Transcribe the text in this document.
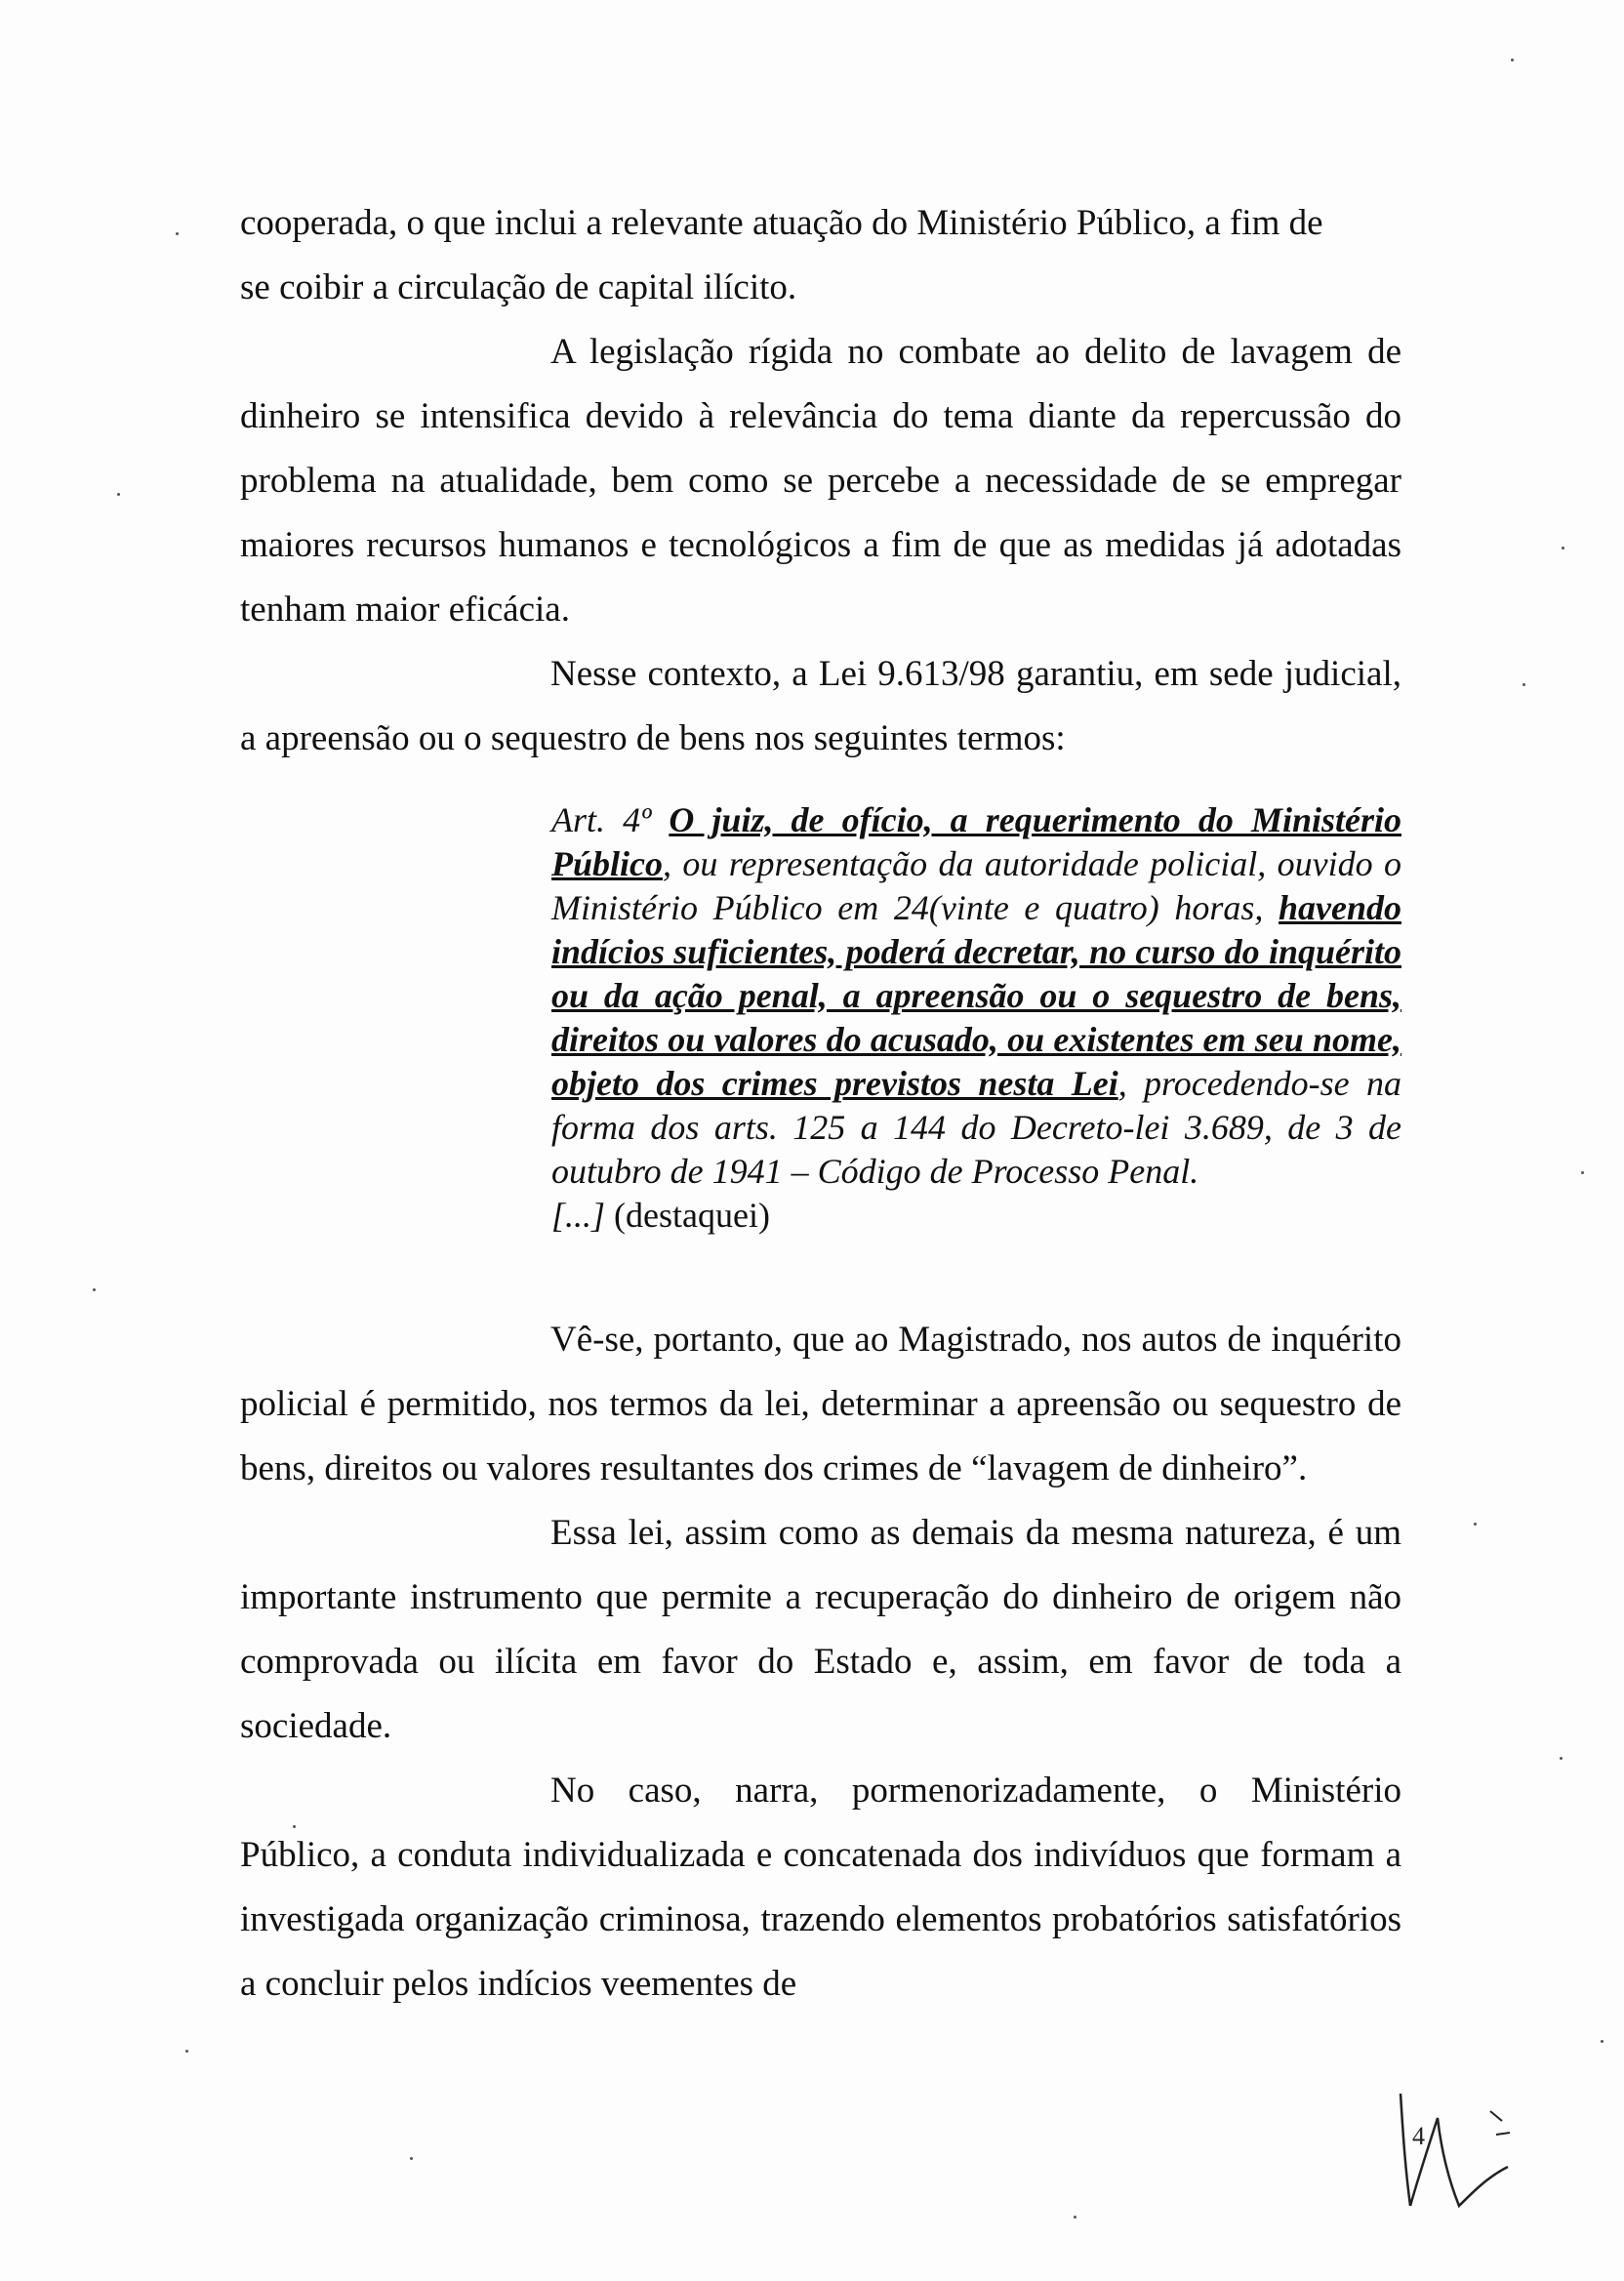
cooperada, o que inclui a relevante atuação do Ministério Público, a fim de
se coibir a circulação de capital ilícito.

A legislação rígida no combate ao delito de lavagem de dinheiro se intensifica devido à relevância do tema diante da repercussão do problema na atualidade, bem como se percebe a necessidade de se empregar maiores recursos humanos e tecnológicos a fim de que as medidas já adotadas tenham maior eficácia.

Nesse contexto, a Lei 9.613/98 garantiu, em sede judicial, a apreensão ou o sequestro de bens nos seguintes termos:

Art. 4º O juiz, de ofício, a requerimento do Ministério Público, ou representação da autoridade policial, ouvido o Ministério Público em 24(vinte e quatro) horas, havendo indícios suficientes, poderá decretar, no curso do inquérito ou da ação penal, a apreensão ou o sequestro de bens, direitos ou valores do acusado, ou existentes em seu nome, objeto dos crimes previstos nesta Lei, procedendo-se na forma dos arts. 125 a 144 do Decreto-lei 3.689, de 3 de outubro de 1941 – Código de Processo Penal.
[...] (destaquei)

Vê-se, portanto, que ao Magistrado, nos autos de inquérito policial é permitido, nos termos da lei, determinar a apreensão ou sequestro de bens, direitos ou valores resultantes dos crimes de “lavagem de dinheiro”.

Essa lei, assim como as demais da mesma natureza, é um importante instrumento que permite a recuperação do dinheiro de origem não comprovada ou ilícita em favor do Estado e, assim, em favor de toda a sociedade.

No caso, narra, pormenorizadamente, o Ministério Público, a conduta individualizada e concatenada dos indivíduos que formam a investigada organização criminosa, trazendo elementos probatórios satisfatórios a concluir pelos indícios veementes de

4
